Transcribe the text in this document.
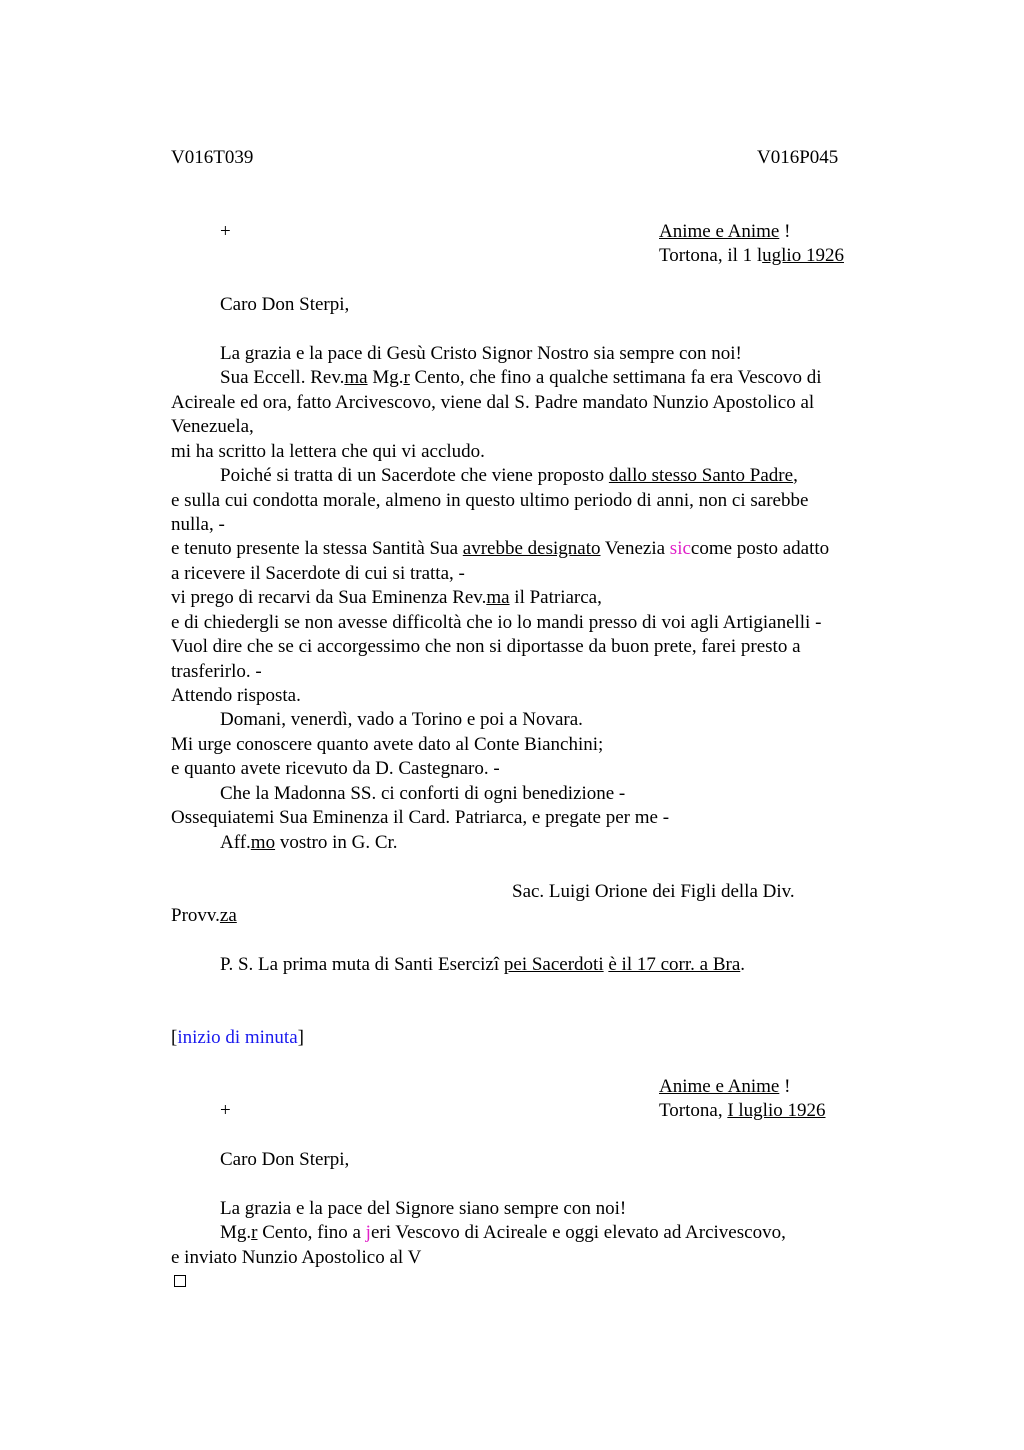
V016T039	V016P045
+	Anime e Anime !
Tortona, il 1 luglio 1926
Caro Don Sterpi,
La grazia e la pace di Gesù Cristo Signor Nostro sia sempre con noi!
Sua Eccell. Rev.ma Mg.r Cento, che fino a qualche settimana fa era Vescovo di
Acireale ed ora, fatto Arcivescovo, viene dal S. Padre mandato Nunzio Apostolico al
Venezuela,
mi ha scritto la lettera che qui vi accludo.
Poiché si tratta di un Sacerdote che viene proposto dallo stesso Santo Padre,
e sulla cui condotta morale, almeno in questo ultimo periodo di anni, non ci sarebbe
nulla, -
e tenuto presente la stessa Santità Sua avrebbe designato Venezia siccome posto adatto
a ricevere il Sacerdote di cui si tratta, -
vi prego di recarvi da Sua Eminenza Rev.ma il Patriarca,
e di chiedergli se non avesse difficoltà che io lo mandi presso di voi agli Artigianelli -
Vuol dire che se ci accorgessimo che non si diportasse da buon prete, farei presto a
trasferirlo. -
Attendo risposta.
Domani, venerdì, vado a Torino e poi a Novara.
Mi urge conoscere quanto avete dato al Conte Bianchini;
e quanto avete ricevuto da D. Castegnaro. -
Che la Madonna SS. ci conforti di ogni benedizione -
Ossequiatemi Sua Eminenza il Card. Patriarca, e pregate per me -
Aff.mo vostro in G. Cr.
Sac. Luigi Orione dei Figli della Div.
Provv.za
P. S. La prima muta di Santi Esercizî pei Sacerdoti è il 17 corr. a Bra.
[inizio di minuta]
Anime e Anime !
+	Tortona, I luglio 1926
Caro Don Sterpi,
La grazia e la pace del Signore siano sempre con noi!
Mg.r Cento, fino a jeri Vescovo di Acireale e oggi elevato ad Arcivescovo,
e inviato Nunzio Apostolico al V
